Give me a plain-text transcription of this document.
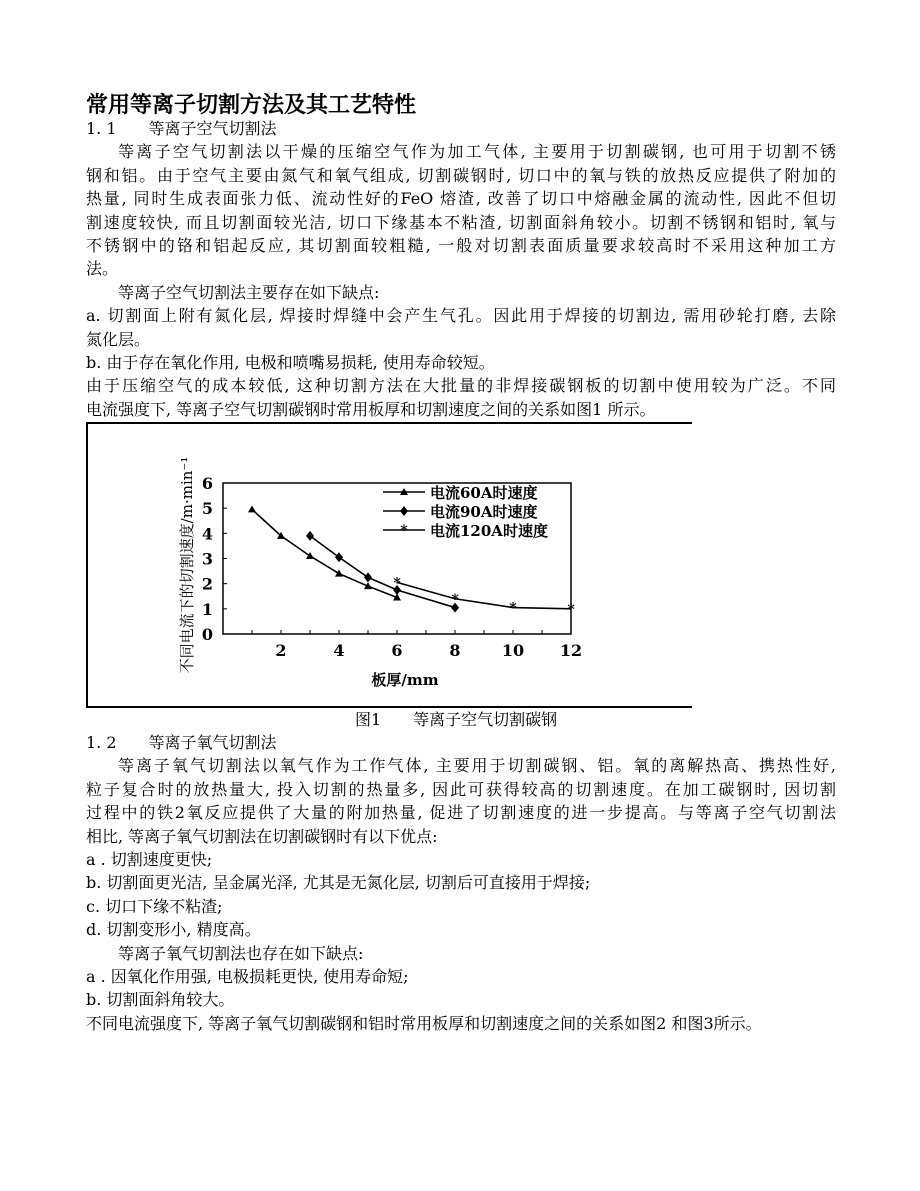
常用等离子切割方法及其工艺特性
1. 1　　等离子空气切割法
等离子空气切割法以干燥的压缩空气作为加工气体, 主要用于切割碳钢, 也可用于切割不锈
钢和铝。由于空气主要由氮气和氧气组成, 切割碳钢时, 切口中的氧与铁的放热反应提供了附加的
热量, 同时生成表面张力低、流动性好的FeO 熔渣, 改善了切口中熔融金属的流动性, 因此不但切
割速度较快, 而且切割面较光洁, 切口下缘基本不粘渣, 切割面斜角较小。切割不锈钢和铝时, 氧与
不锈钢中的铬和铝起反应, 其切割面较粗糙, 一般对切割表面质量要求较高时不采用这种加工方
法。
等离子空气切割法主要存在如下缺点:
a. 切割面上附有氮化层, 焊接时焊缝中会产生气孔。因此用于焊接的切割边, 需用砂轮打磨, 去除
氮化层。
b. 由于存在氧化作用, 电极和喷嘴易损耗, 使用寿命较短。
由于压缩空气的成本较低, 这种切割方法在大批量的非焊接碳钢板的切割中使用较为广泛。不同
电流强度下, 等离子空气切割碳钢时常用板厚和切割速度之间的关系如图1 所示。
2	4	6	8	10 12
0
1
2
3
4
5
6
*
*
*	*
电流60A时速度
电流90A时速度
* 电流120A时速度
板厚/mm
不同电流下的切割速度/m·min⁻¹
图1　　等离子空气切割碳钢
1. 2　　等离子氧气切割法
等离子氧气切割法以氧气作为工作气体, 主要用于切割碳钢、铝。氧的离解热高、携热性好,
粒子复合时的放热量大, 投入切割的热量多, 因此可获得较高的切割速度。在加工碳钢时, 因切割
过程中的铁2氧反应提供了大量的附加热量, 促进了切割速度的进一步提高。与等离子空气切割法
相比, 等离子氧气切割法在切割碳钢时有以下优点:
a . 切割速度更快;
b. 切割面更光洁, 呈金属光泽, 尤其是无氮化层, 切割后可直接用于焊接;
c. 切口下缘不粘渣;
d. 切割变形小, 精度高。
等离子氧气切割法也存在如下缺点:
a . 因氧化作用强, 电极损耗更快, 使用寿命短;
b. 切割面斜角较大。
不同电流强度下, 等离子氧气切割碳钢和铝时常用板厚和切割速度之间的关系如图2 和图3所示。
